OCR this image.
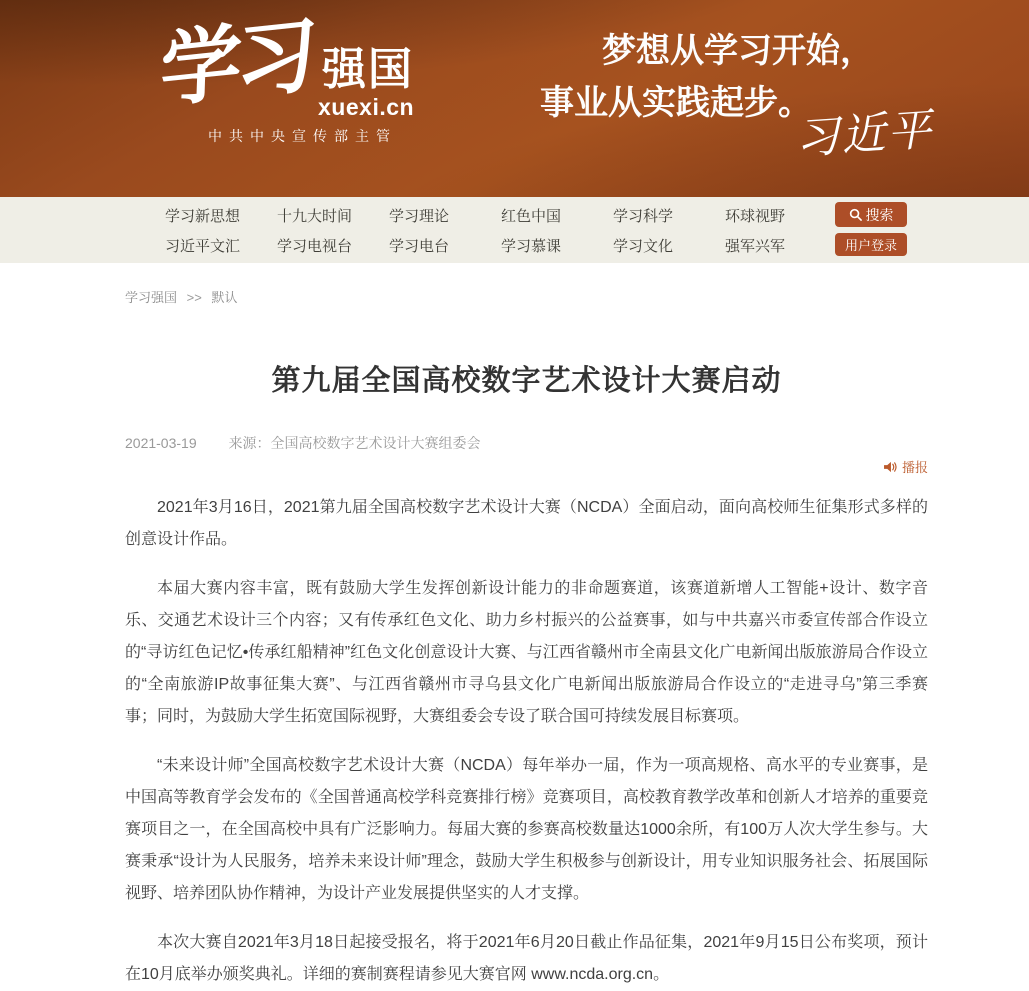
学习 强国
xuexi.cn
中共中央宣传部主管
梦想从学习开始，
事业从实践起步。
习近平
学习新思想	十九大时间	学习理论	红色中国	学习科学	环球视野
习近平文汇	学习电视台	学习电台	学习慕课	学习文化	强军兴军
搜索
用户登录
学习强国 >> 默认
第九届全国高校数字艺术设计大赛启动
2021-03-19 来源：全国高校数字艺术设计大赛组委会
播报

2021年3月16日，2021第九届全国高校数字艺术设计大赛（NCDA）全面启动，面向高校师生征集形式多样的创意设计作品。

本届大赛内容丰富，既有鼓励大学生发挥创新设计能力的非命题赛道，该赛道新增人工智能+设计、数字音乐、交通艺术设计三个内容；又有传承红色文化、助力乡村振兴的公益赛事，如与中共嘉兴市委宣传部合作设立的“寻访红色记忆•传承红船精神”红色文化创意设计大赛、与江西省赣州市全南县文化广电新闻出版旅游局合作设立的“全南旅游IP故事征集大赛”、与江西省赣州市寻乌县文化广电新闻出版旅游局合作设立的“走进寻乌”第三季赛事；同时，为鼓励大学生拓宽国际视野，大赛组委会专设了联合国可持续发展目标赛项。

“未来设计师”全国高校数字艺术设计大赛（NCDA）每年举办一届，作为一项高规格、高水平的专业赛事，是中国高等教育学会发布的《全国普通高校学科竞赛排行榜》竞赛项目，高校教育教学改革和创新人才培养的重要竞赛项目之一，在全国高校中具有广泛影响力。每届大赛的参赛高校数量达1000余所，有100万人次大学生参与。大赛秉承“设计为人民服务，培养未来设计师”理念，鼓励大学生积极参与创新设计，用专业知识服务社会、拓展国际视野、培养团队协作精神，为设计产业发展提供坚实的人才支撑。

本次大赛自2021年3月18日起接受报名，将于2021年6月20日截止作品征集，2021年9月15日公布奖项，预计在10月底举办颁奖典礼。详细的赛制赛程请参见大赛官网 www.ncda.org.cn。
